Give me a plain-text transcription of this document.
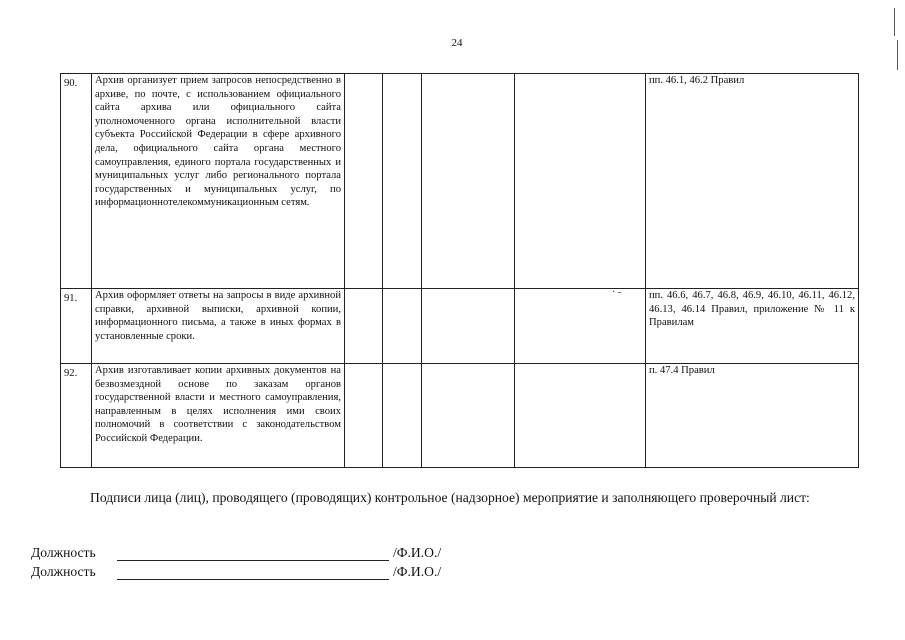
24
90.	Архив организует прием запросов непосредственно в архиве, по почте, с использованием официального сайта архива или официального сайта уполномоченного органа исполнительной власти субъекта Российской Федерации в сфере архивного дела, официального сайта органа местного самоуправления, единого портала государственных и муниципальных услуг либо регионального портала государственных и муниципальных услуг, по информационнотелекоммуникационным сетям.					пп. 46.1, 46.2 Правил

91.	Архив оформляет ответы на запросы в виде архивной справки, архивной выписки, архивной копии, информационного письма, а также в иных формах в установленные сроки.					пп. 46.6, 46.7, 46.8, 46.9, 46.10, 46.11, 46.12, 46.13, 46.14 Правил, приложение № 11 к Правилам

92.	Архив изготавливает копии архивных документов на безвозмездной основе по заказам органов государственной власти и местного самоуправления, направленным в целях исполнения ими своих полномочий в соответствии с законодательством Российской Федерации.					п. 47.4 Правил
· -
Подписи лица (лиц), проводящего (проводящих) контрольное (надзорное) мероприятие и заполняющего проверочный лист:
Должность	/Ф.И.О./
Должность	/Ф.И.О./
